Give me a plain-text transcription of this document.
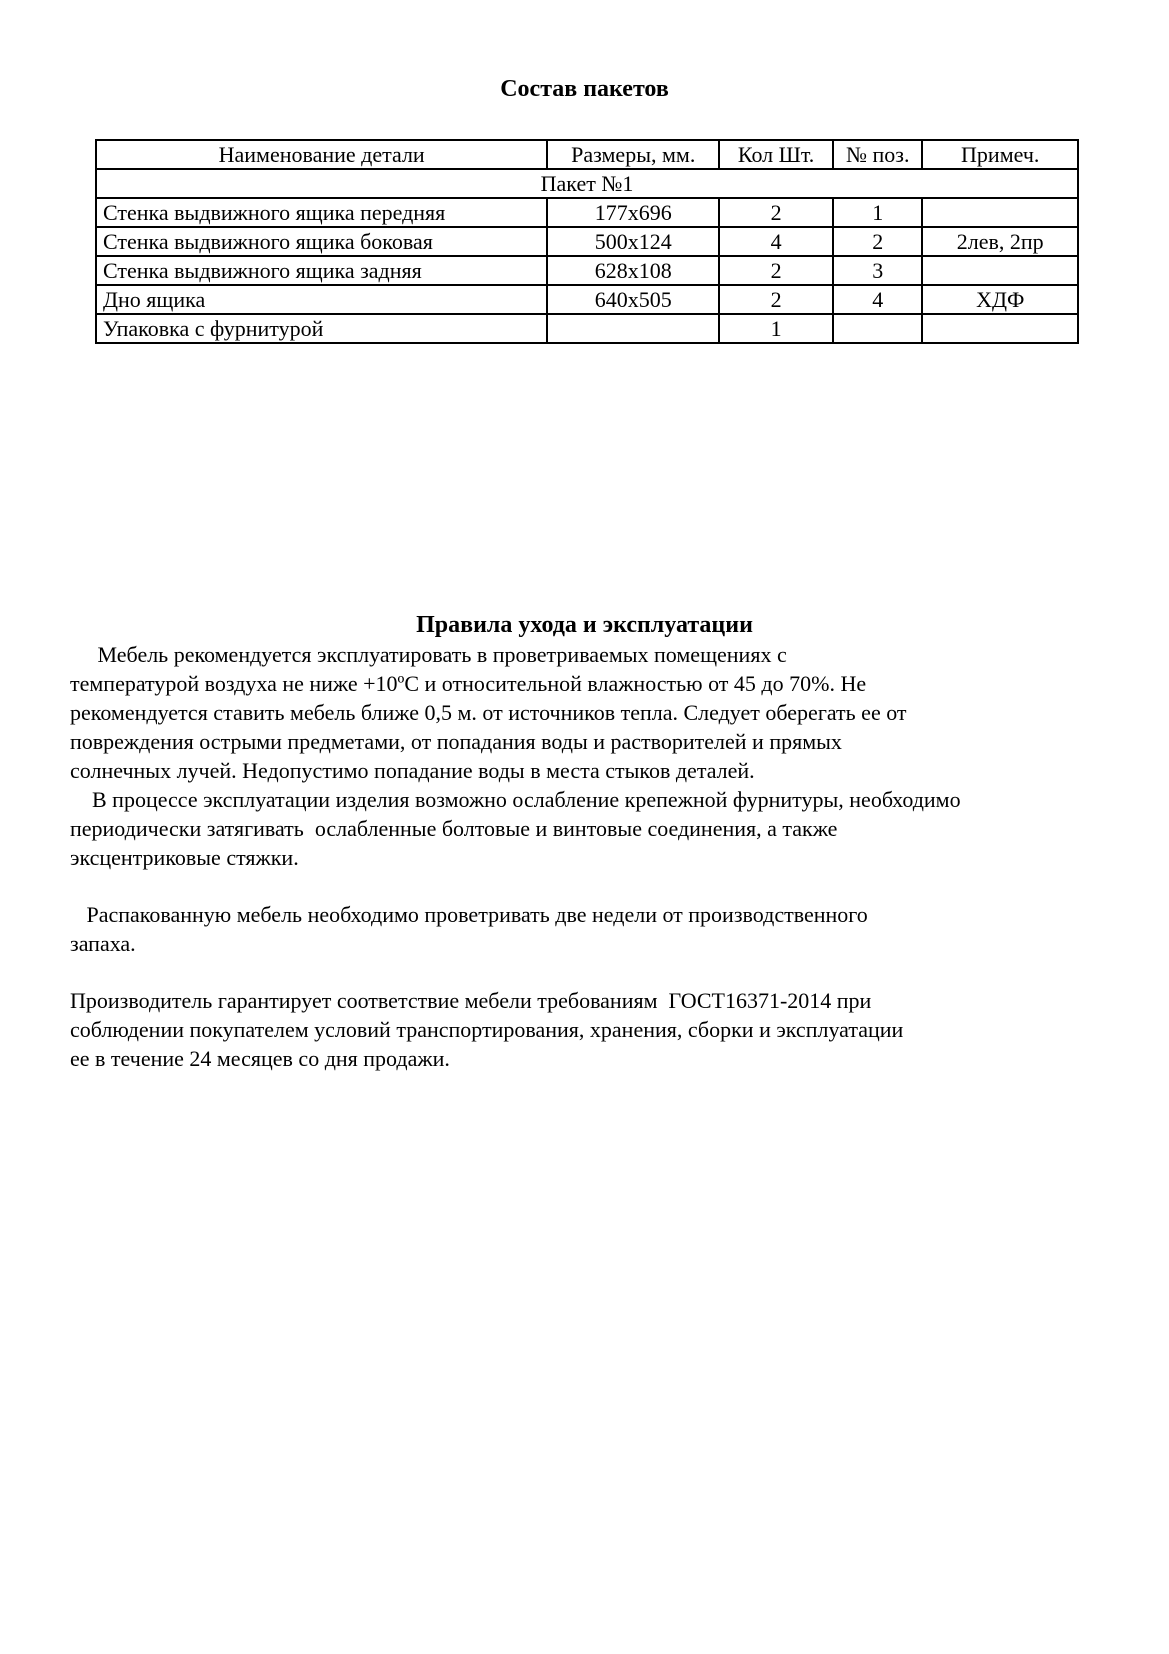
Состав пакетов
Наименование детали	Размеры, мм.	Кол Шт.	№ поз.	Примеч.
Пакет №1				
Стенка выдвижного ящика передняя	177х696	2	1	
Стенка выдвижного ящика боковая	500х124	4	2	2лев, 2пр
Стенка выдвижного ящика задняя	628х108	2	3	
Дно ящика	640х505	2	4	ХДФ
Упаковка с фурнитурой		1		
Правила ухода и эксплуатации

Мебель рекомендуется эксплуатировать в проветриваемых помещениях с
температурой воздуха не ниже +10ºС и относительной влажностью от 45 до 70%. Не
рекомендуется ставить мебель ближе 0,5 м. от источников тепла. Следует оберегать ее от
повреждения острыми предметами, от попадания воды и растворителей и прямых
солнечных лучей. Недопустимо попадание воды в места стыков деталей.

В процессе эксплуатации изделия возможно ослабление крепежной фурнитуры, необходимо
периодически затягивать  ослабленные болтовые и винтовые соединения, а также
эксцентриковые стяжки.

Распакованную мебель необходимо проветривать две недели от производственного
запаха.

Производитель гарантирует соответствие мебели требованиям  ГОСТ16371-2014 при
соблюдении покупателем условий транспортирования, хранения, сборки и эксплуатации
ее в течение 24 месяцев со дня продажи.
